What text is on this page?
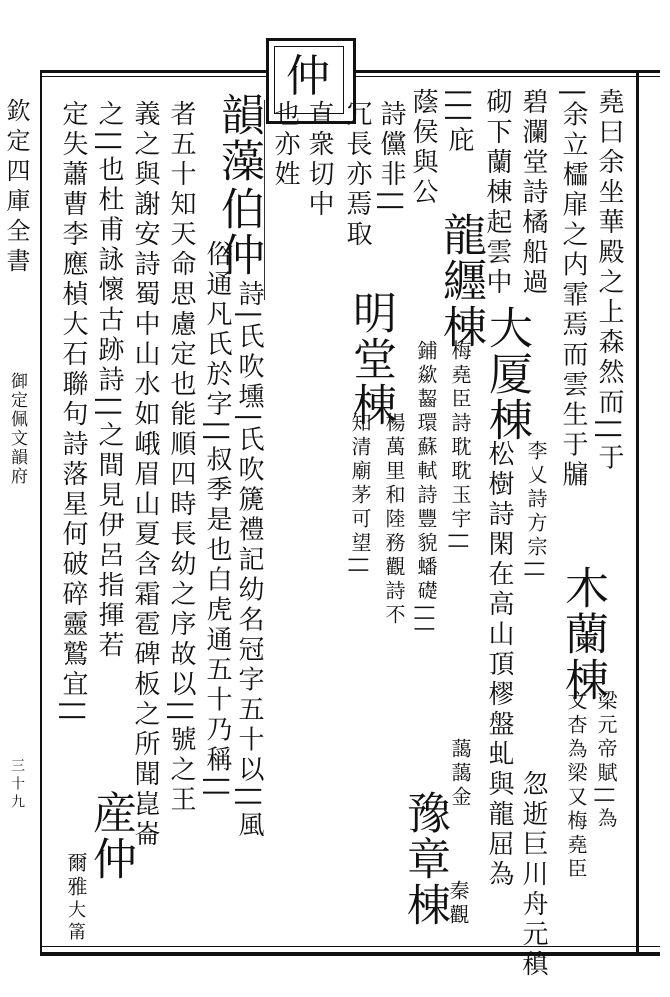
仲
欽定四庫全書
御定佩文韻府
三十九
堯曰余坐華殿之上森然而||于
|余立櫺扉之内霏焉而雲生于牖
木蘭棟
梁元帝賦||為
文杏為梁又梅堯臣
碧瀾堂詩橘船過
忽逝巨川舟元稹
砌下蘭棟起雲中
大厦棟
李乂詩方宗||
松樹詩閑在高山頂樛盤虬與龍屈為
|||庇
龍纒棟
梅堯臣詩耽耽玉宇||
藹藹金
蔭侯與公
鋪歘齧環蘇軾詩豐貌蟠礎|||
豫章棟
秦觀
詩儻非||
明堂棟
楊萬里和陸務觀詩不
冗長亦焉取
知清廟茅可望||
直衆切中
也亦姓
韻藻
伯仲
詩|氏吹壎|氏吹篪禮記幼名冠字五十以||風
俗通凡氏於字||叔季是也白虎通五十乃稱||
者五十知天命思慮定也能順四時長幼之序故以||號之王
義之與謝安詩蜀中山水如峨眉山夏含霜雹碑板之所聞崑崙
之||也杜甫詠懷古跡詩||之間見伊呂指揮若
定失蕭曹李應楨大石聯句詩落星何破碎靈鷲宜||
産仲
爾雅
大筩
